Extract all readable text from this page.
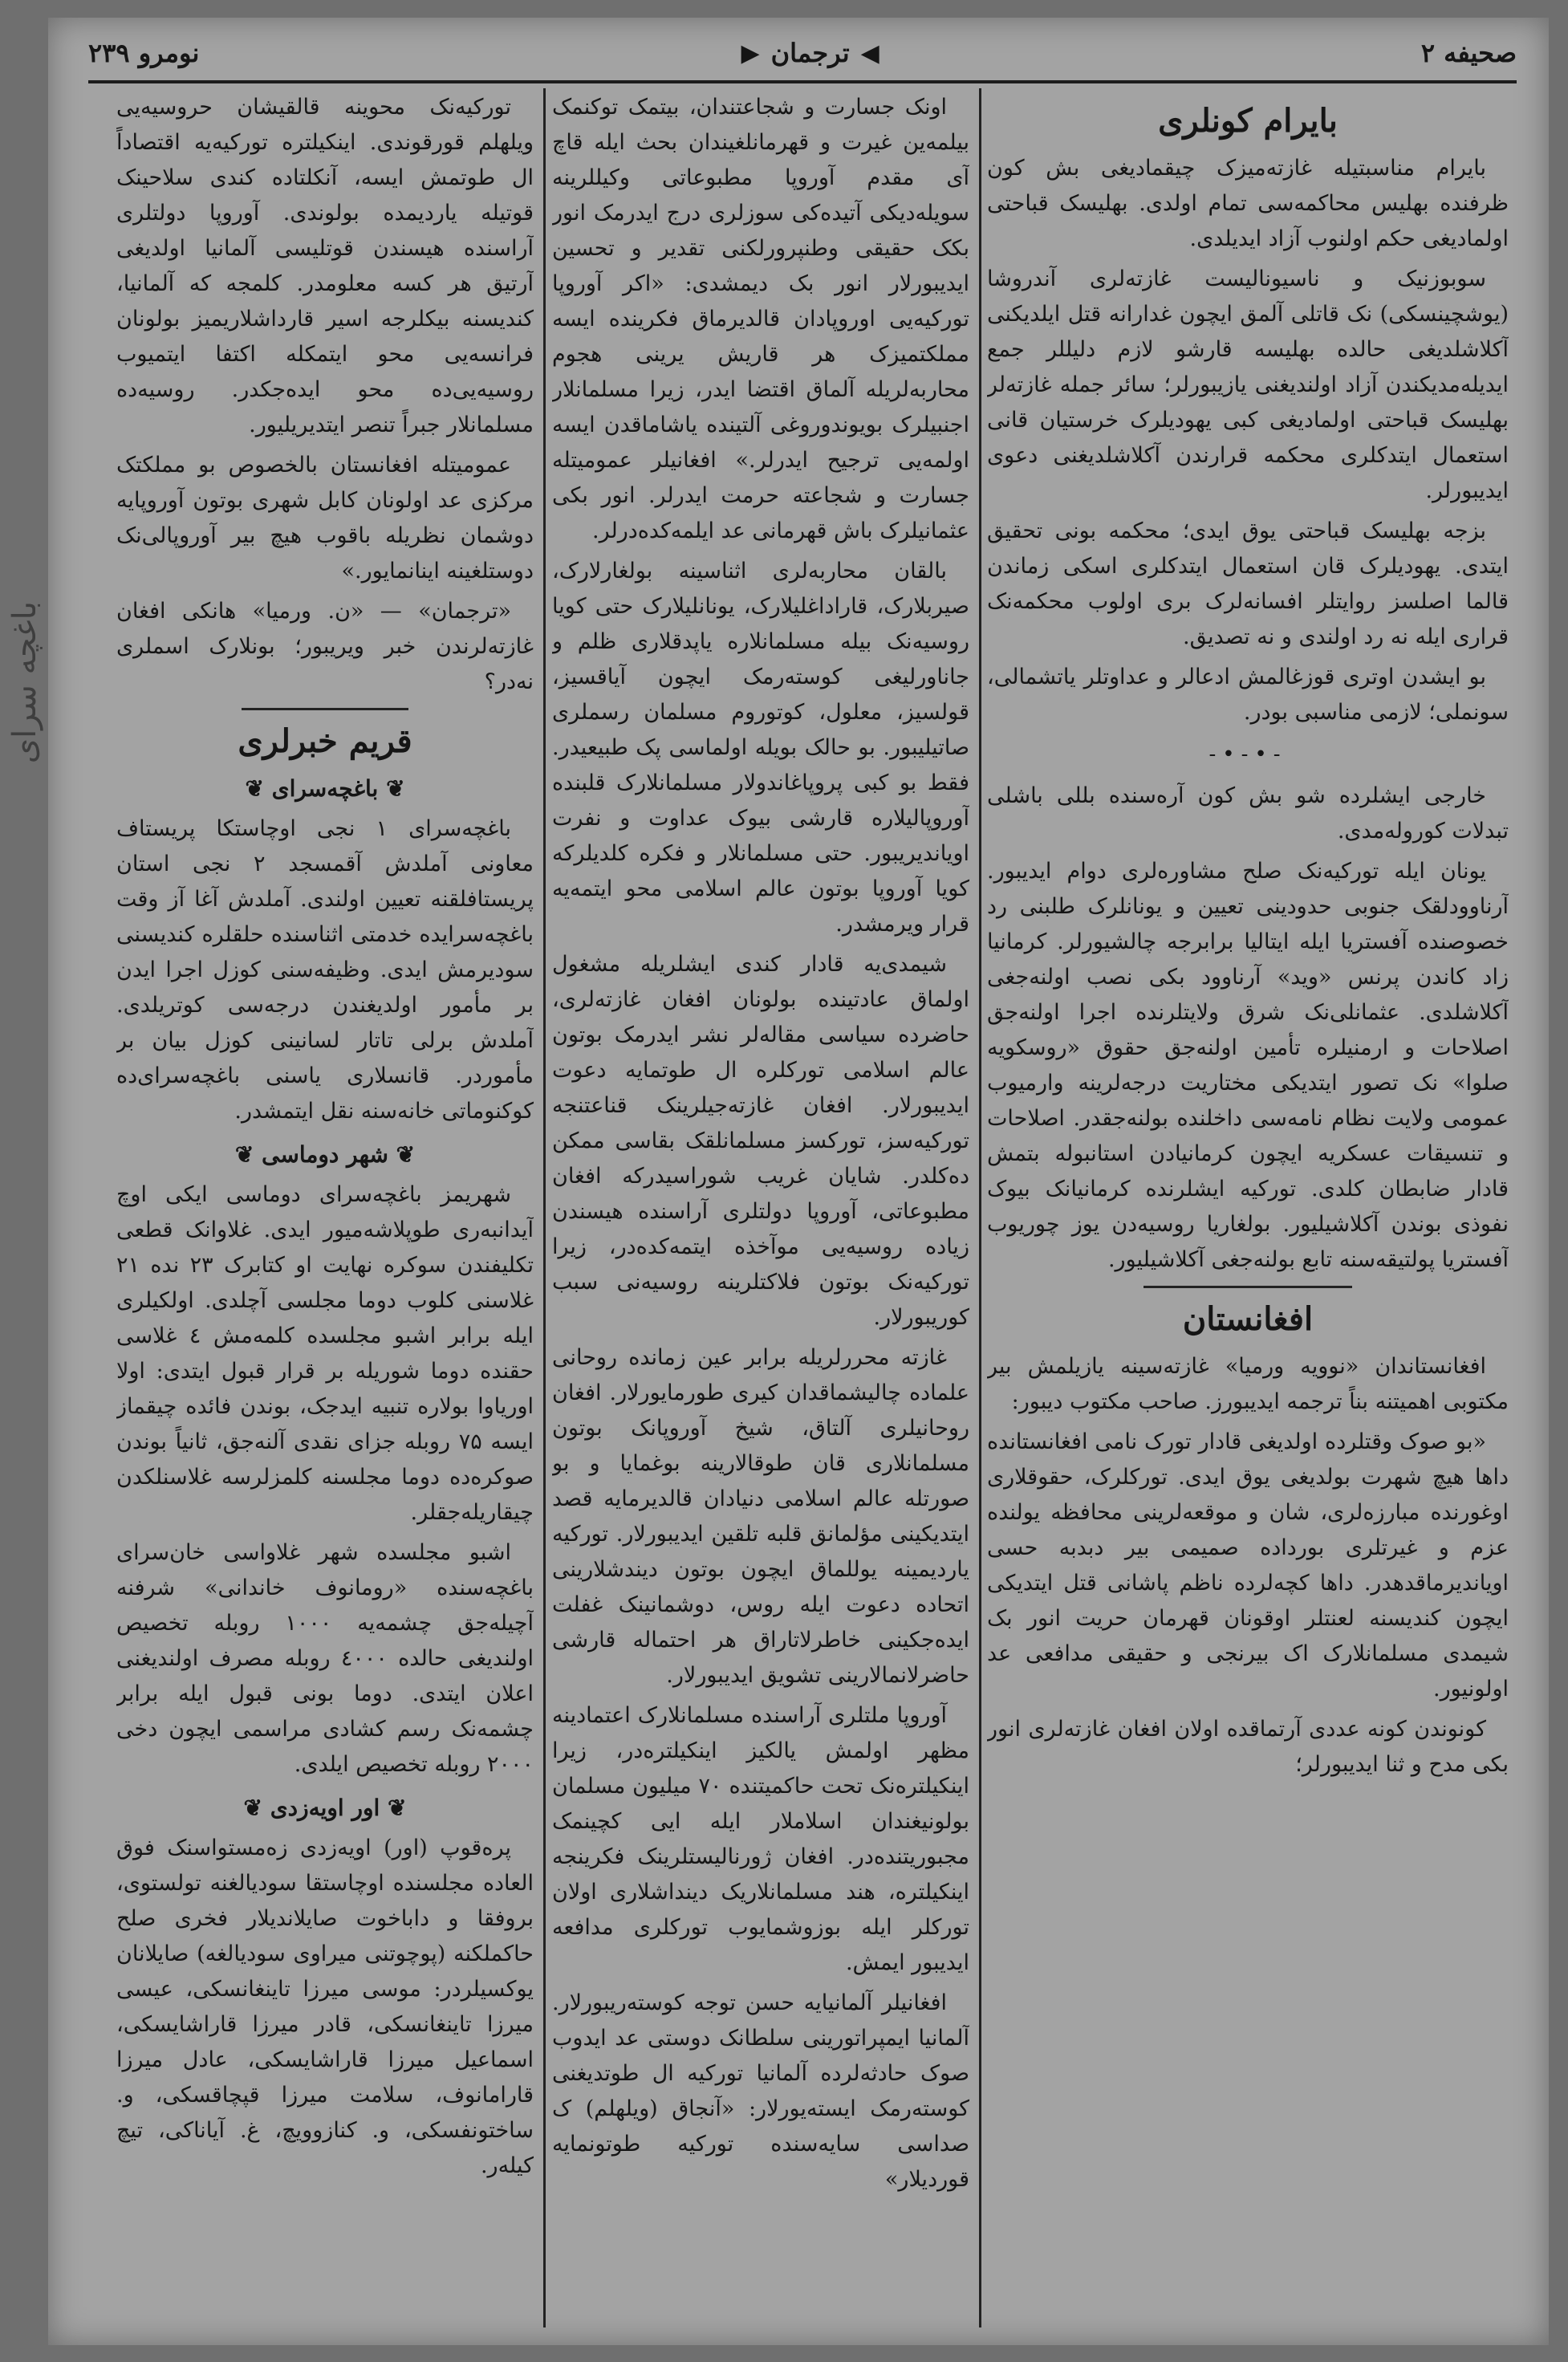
باغچه سرای
صحیفه ۲
◀
ترجمان
▶
نومرو ۲۳۹
بایرام کونلری

بایرام مناسبتیله غازته‌میزک چیقمادیغی بش کون ظرفنده بهلیس محاکمه‌سی تمام اولدی. بهلیسک قباحتی اولمادیغی حکم اولنوب آزاد ایدیلدی.

سوبوزنیک و ناسیونالیست غازته‌لری آندروشا (یوشچینسکی) نک قاتلی آلمق ایچون غدارانه قتل ایلدیکنی آکلاشلدیغی حالده بهلیسه قارشو لازم دلیللر جمع ایدیله‌مدیکندن آزاد اولندیغنی یازیبورلر؛ سائر جمله غازته‌لر بهلیسک قباحتی اولمادیغی کبی یهودیلرک خرستیان قانی استعمال ایتدکلری محکمه قرارندن آکلاشلدیغنی دعوی ایدیبورلر.

بزجه بهلیسک قباحتی یوق ایدی؛ محکمه بونی تحقیق ایتدی. یهودیلرک قان استعمال ایتدکلری اسکی زماندن قالما اصلسز روایتلر افسانه‌لرک بری اولوب محکمه‌نک قراری ایله نه رد اولندی و نه تصدیق.

بو ایشدن اوتری قوزغالمش ادعالر و عداوتلر یاتشمالی، سونملی؛ لازمی مناسبی بودر.

-•-•-

خارجی ایشلرده شو بش کون آره‌سنده بللی باشلی تبدلات کوروله‌مدی.

یونان ایله تورکیه‌نک صلح مشاوره‌لری دوام ایدیبور. آرناوودلقک جنوبی حدودینی تعیین و یونانلرک طلبنی رد خصوصنده آفستریا ایله ایتالیا برابرجه چالشیورلر. کرمانیا زاد کاندن پرنس «وید» آرناوود بکی نصب اولنه‌جغی آکلاشلدی. عثمانلی‌نک شرق ولایتلرنده اجرا اولنه‌جق اصلاحات و ارمنیلره تأمین اولنه‌جق حقوق «روسکویه صلوا» نک تصور ایتدیکی مختاریت درجه‌لرینه وارمیوب عمومی ولایت نظام نامه‌سی داخلنده بولنه‌جقدر. اصلاحات و تنسیقات عسکریه ایچون کرمانیادن استانبوله بتمش قادار ضابطان کلدی. تورکیه ایشلرنده کرمانیانک بیوک نفوذی بوندن آکلاشیلیور. بولغاریا روسیه‌دن یوز چوریوب آفستریا پولتیقه‌سنه تابع بولنه‌جغی آکلاشیلیور.

افغانستان

افغانستاندان «نوویه ورمیا» غازته‌سینه یازیلمش بیر مکتوبی اهمیتنه بناً ترجمه ایدیبورز. صاحب مکتوب دیبور:

«بو صوک وقتلرده اولدیغی قادار تورک نامی افغانستانده داها هیچ شهرت بولدیغی یوق ایدی. تورکلرک، حقوقلاری اوغورنده مبارزه‌لری، شان و موقعه‌لرینی محافظه یولنده عزم و غیرتلری بورداده صمیمی بیر دبدبه حسی اویاندیرماقدهدر. داها کچه‌لرده ناظم پاشانی قتل ایتدیکی ایچون کندیسنه لعنتلر اوقونان قهرمان حریت انور بک شیمدی مسلمانلارک اک بیرنجی و حقیقی مدافعی عد اولونیور.

کونوندن کونه عددی آرتماقده اولان افغان غازته‌لری انور بکی مدح و ثنا ایدیبورلر؛

اونک جسارت و شجاعتندان، بیتمک توکنمک بیلمه‌ین غیرت و قهرمانلغیندان بحث ایله قاچ آی مقدم آوروپا مطبوعاتی وکیللرینه سویله‌دیکی آتیده‌کی سوزلری درج ایدرمک انور بکک حقیقی وطنپرورلکنی تقدیر و تحسین ایدیبورلار انور بک دیمشدی: «اکر آوروپا تورکیه‌یی اوروپادان قالدیرماق فکرینده ایسه مملکتمیزک هر قاریش یرینی هجوم محاربه‌لریله آلماق اقتضا ایدر، زیرا مسلمانلار اجنبیلرک بویوندوروغی آلتینده یاشاماقدن ایسه اولمه‌یی ترجیح ایدرلر.» افغانیلر عمومیتله جسارت و شجاعته حرمت ایدرلر. انور بکی عثمانیلرک باش قهرمانی عد ایلمه‌کده‌درلر.

بالقان محاربه‌لری اثناسینه بولغارلارک، صیربلارک، قاراداغلیلارک، یونانلیلارک حتی کویا روسیه‌نک بیله مسلمانلاره یاپدقلاری ظلم و جاناورلیغی کوسته‌رمک ایچون آیاقسیز، قولسیز، معلول، کوتوروم مسلمان رسملری صاتیلیبور. بو حالک بویله اولماسی پک طبیعیدر. فقط بو کبی پروپاغاندولار مسلمانلارک قلبنده آوروپالیلاره قارشی بیوک عداوت و نفرت اویاندیریبور. حتی مسلمانلار و فکره کلدیلرکه کویا آوروپا بوتون عالم اسلامی محو ایتمه‌یه قرار ویرمشدر.

شیمدی‌یه قادار کندی ایشلریله مشغول اولماق عادتینده بولونان افغان غازته‌لری، حاضرده سیاسی مقاله‌لر نشر ایدرمک بوتون عالم اسلامی تورکلره ال طوتمایه دعوت ایدیبورلار. افغان غازته‌جیلرینک قناعتنجه تورکیه‌سز، تورکسز مسلمانلقک بقاسی ممکن ده‌کلدر. شایان غریب شوراسیدرکه افغان مطبوعاتی، آوروپا دولتلری آراسنده هیسندن زیاده روسیه‌یی موآخذه ایتمه‌کده‌در، زیرا تورکیه‌نک بوتون فلاکتلرینه روسیه‌نی سبب کوریبورلار.

غازته محررلریله برابر عین زمانده روحانی علماده چالیشماقدان کیری طورمایورلار. افغان روحانیلری آلتاق، شیخ آوروپانک بوتون مسلمانلاری قان طوقالارینه بوغمایا و بو صورتله عالم اسلامی دنیادان قالدیرمایه قصد ایتدیکینی مؤلمانق قلبه تلقین ایدیبورلار. تورکیه یاردیمینه یوللماق ایچون بوتون دیندشلارینی اتحاده دعوت ایله روس، دوشمانینک غفلت ایده‌جکینی خاطرلاتاراق هر احتماله قارشی حاضرلانمالارینی تشویق ایدیبورلار.

آوروپا ملتلری آراسنده مسلمانلارک اعتمادینه مظهر اولمش یالکیز اینکیلتره‌در، زیرا اینکیلتره‌نک تحت حاکمیتنده ۷۰ میلیون مسلمان بولونیغندان اسلاملار ایله ایی کچینمک مجبوریتنده‌در. افغان ژورنالیستلرینک فکرینجه اینکیلتره، هند مسلمانلاریک دینداشلاری اولان تورکلر ایله بوزوشمایوب تورکلری مدافعه ایدیبور ایمش.

افغانیلر آلمانیایه حسن توجه کوسته‌ریبورلار. آلمانیا ایمپراتورینی سلطانک دوستی عد ایدوب صوک حادثه‌لرده آلمانیا تورکیه ال طوتدیغنی کوسته‌رمک ایسته‌یورلار: «آنجاق (ویلهلم) ک صداسی سایه‌سنده تورکیه طوتونمایه قوردیلار»

تورکیه‌نک محوینه قالقیشان حروسیه‌یی ویلهلم قورقوندی. اینکیلتره تورکیه‌یه اقتصاداً ال طوتمش ایسه، آنکلتاده کندی سلاحینک قوتیله یاردیمده بولوندی. آوروپا دولتلری آراسنده هیسندن قوتلیسی آلمانیا اولدیغی آرتیق هر کسه معلومدر. کلمجه که آلمانیا، کندیسنه بیکلرجه اسیر قارداشلاریمیز بولونان فرانسه‌یی محو ایتمکله اکتفا ایتمیوب روسیه‌یی‌ده محو ایده‌جکدر. روسیه‌ده مسلمانلار جبراً تنصر ایتدیریلیور.

عمومیتله افغانستان بالخصوص بو مملکتک مرکزی عد اولونان کابل شهری بوتون آوروپایه دوشمان نظریله باقوب هیچ بیر آوروپالی‌نک دوستلغینه اینانمایور.»

«ترجمان» — «ن. ورمیا» هانکی افغان غازته‌لرندن خبر ویریبور؛ بونلارک اسملری نه‌در؟

قریم خبرلری
❦ باغچه‌سرای ❦

باغچه‌سرای ۱ نجی اوچاستکا پریستاف معاونی آملدش آقمسجد ۲ نجی استان پریستافلقنه تعیین اولندی. آملدش آغا آز وقت باغچه‌سرایده خدمتی اثناسنده حلقلره کندیسنی سودیرمش ایدی. وظیفه‌سنی کوزل اجرا ایدن بر مأمور اولدیغندن درجه‌سی کوتریلدی. آملدش برلی تاتار لسانینی کوزل بیان بر مأموردر. قانسلاری یاسنی باغچه‌سرای‌ده کوکنوماتی خانه‌سنه نقل ایتمشدر.

❦ شهر دوماسی ❦

شهریمز باغچه‌سرای دوماسی ایکی اوچ آیدانبه‌ری طوپلاشه‌میور ایدی. غلاوانک قطعی تکلیفندن سوکره نهایت او کتابرک ۲۳ نده ۲۱ غلاسنی کلوب دوما مجلسی آچلدی. اولکیلری ایله برابر اشبو مجلسده کلمه‌مش ٤ غلاسی حقنده دوما شوریله بر قرار قبول ایتدی: اولا اوریاوا بولاره تنبیه ایدجک، بوندن فائده چیقماز ایسه ۷۵ روبله جزای نقدی آلنه‌جق، ثانیاً بوندن صوکره‌ده دوما مجلسنه کلمزلرسه غلاسنلکدن چیقاریله‌جقلر.

اشبو مجلسده شهر غلاواسی خان‌سرای باغچه‌سنده «رومانوف خاندانی» شرفنه آچیله‌جق چشمه‌یه ۱۰۰۰ روبله تخصیص اولندیغی حالده ٤۰۰۰ روبله مصرف اولندیغنی اعلان ایتدی. دوما بونی قبول ایله برابر چشمه‌نک رسم کشادی مراسمی ایچون دخی ۲۰۰۰ روبله تخصیص ایلدی.

❦ اور اویه‌زدی ❦

پره‌قوپ (اور) اویه‌زدی زه‌مستواسنک فوق العاده مجلسنده اوچاستقا سودیالغنه تولستوی، بروفقا و داباخوت صایلاندیلار فخری صلح حاکملکنه (پوچوتنی میراوی سودیالغه) صایلانان یوکسیلردر: موسی میرزا تاینغانسکی، عیسی میرزا تاینغانسکی، قادر میرزا قاراشایسکی، اسماعیل میرزا قاراشایسکی، عادل میرزا قارامانوف، سلامت میرزا قپچاقسکی، و. ساختونفسکی، و. کنازوویچ، غ. آیاناکی، تیچ کیله‌ر.
